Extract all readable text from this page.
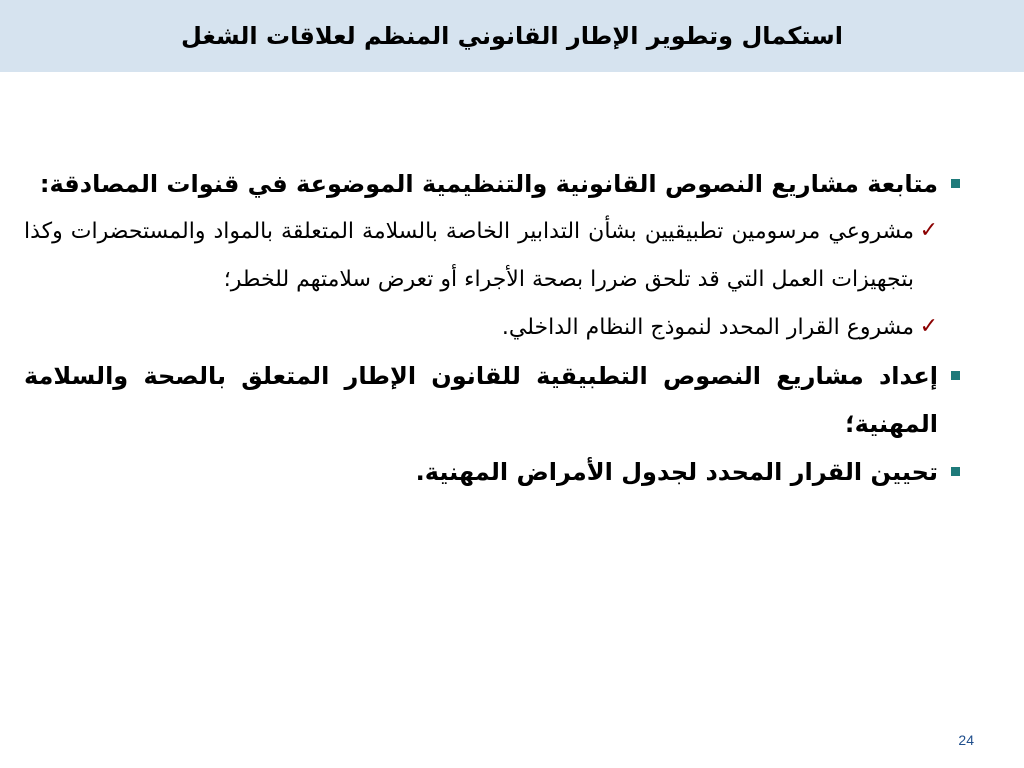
استكمال وتطوير الإطار القانوني المنظم لعلاقات الشغل
متابعة مشاريع النصوص القانونية والتنظيمية الموضوعة في قنوات المصادقة:
✓
مشروعي مرسومين تطبيقيين بشأن التدابير الخاصة بالسلامة المتعلقة بالمواد والمستحضرات وكذا بتجهيزات العمل التي قد تلحق ضررا بصحة الأجراء أو تعرض سلامتهم للخطر؛
✓
مشروع القرار المحدد لنموذج النظام الداخلي.
إعداد مشاريع النصوص التطبيقية للقانون الإطار المتعلق بالصحة والسلامة المهنية؛
تحيين القرار المحدد لجدول الأمراض المهنية.
24
